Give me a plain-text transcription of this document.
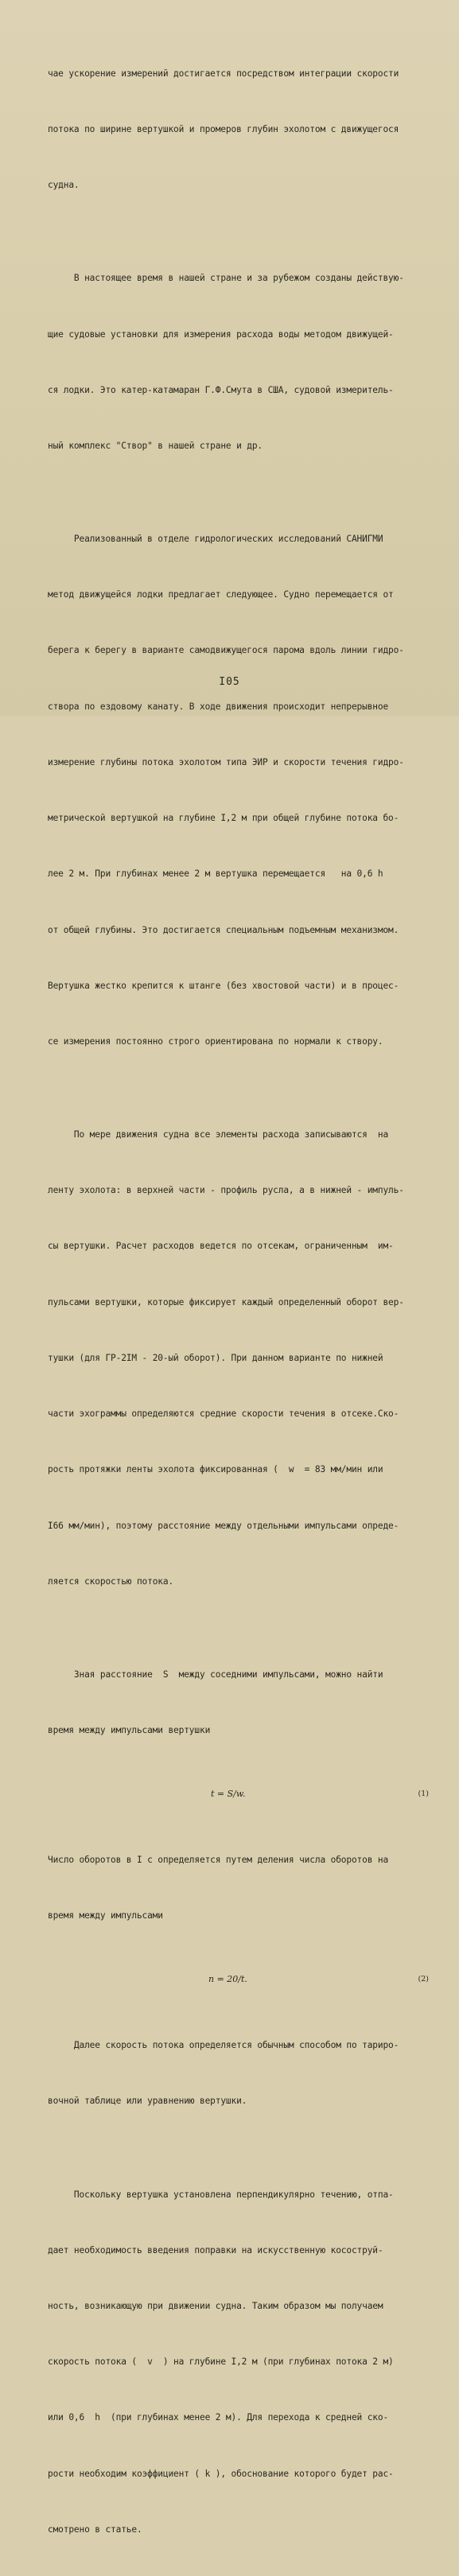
чае ускорение измерений достигается посредством интеграции скорости

потока по ширине вертушкой и промеров глубин эхолотом с движущегося

судна.

В настоящее время в нашей стране и за рубежом созданы действую-

щие судовые установки для измерения расхода воды методом движущей-

ся лодки. Это катер-катамаран Г.Ф.Смута в США, судовой измеритель-

ный комплекс "Створ" в нашей стране и др.

Реализованный в отделе гидрологических исследований САНИГМИ

метод движущейся лодки предлагает следующее. Судно перемещается от

берега к берегу в варианте самодвижущегося парома вдоль линии гидро-

створа по ездовому канату. В ходе движения происходит непрерывное

измерение глубины потока эхолотом типа ЭИР и скорости течения гидро-

метрической вертушкой на глубине I,2 м при общей глубине потока бо-

лее 2 м. При глубинах менее 2 м вертушка перемещается   на 0,6 h

от общей глубины. Это достигается специальным подъемным механизмом.

Вертушка жестко крепится к штанге (без хвостовой части) и в процес-

се измерения постоянно строго ориентирована по нормали к створу.

По мере движения судна все элементы расхода записываются  на

ленту эхолота: в верхней части - профиль русла, а в нижней - импуль-

сы вертушки. Расчет расходов ведется по отсекам, ограниченным  им-

пульсами вертушки, которые фиксирует каждый определенный оборот вер-

тушки (для ГР-2IМ - 20-ый оборот). При данном варианте по нижней

части эхограммы определяются средние скорости течения в отсеке.Ско-

рость протяжки ленты эхолота фиксированная (  w  = 83 мм/мин или

I66 мм/мин), поэтому расстояние между отдельными импульсами опреде-

ляется скоростью потока.

Зная расстояние  S  между соседними импульсами, можно найти

время между импульсами вертушки

t = S/w.	(1)

Число оборотов в I с определяется путем деления числа оборотов на

время между импульсами

n = 20/t.	(2)

Далее скорость потока определяется обычным способом по тариро-

вочной таблице или уравнению вертушки.

Поскольку вертушка установлена перпендикулярно течению, отпа-

дает необходимость введения поправки на искусственную косоструй-

ность, возникающую при движении судна. Таким образом мы получаем

скорость потока (  v  ) на глубине I,2 м (при глубинах потока 2 м)

или 0,6  h  (при глубинах менее 2 м). Для перехода к средней ско-

рости необходим коэффициент ( k ), обоснование которого будет рас-

смотрено в статье.

I05
